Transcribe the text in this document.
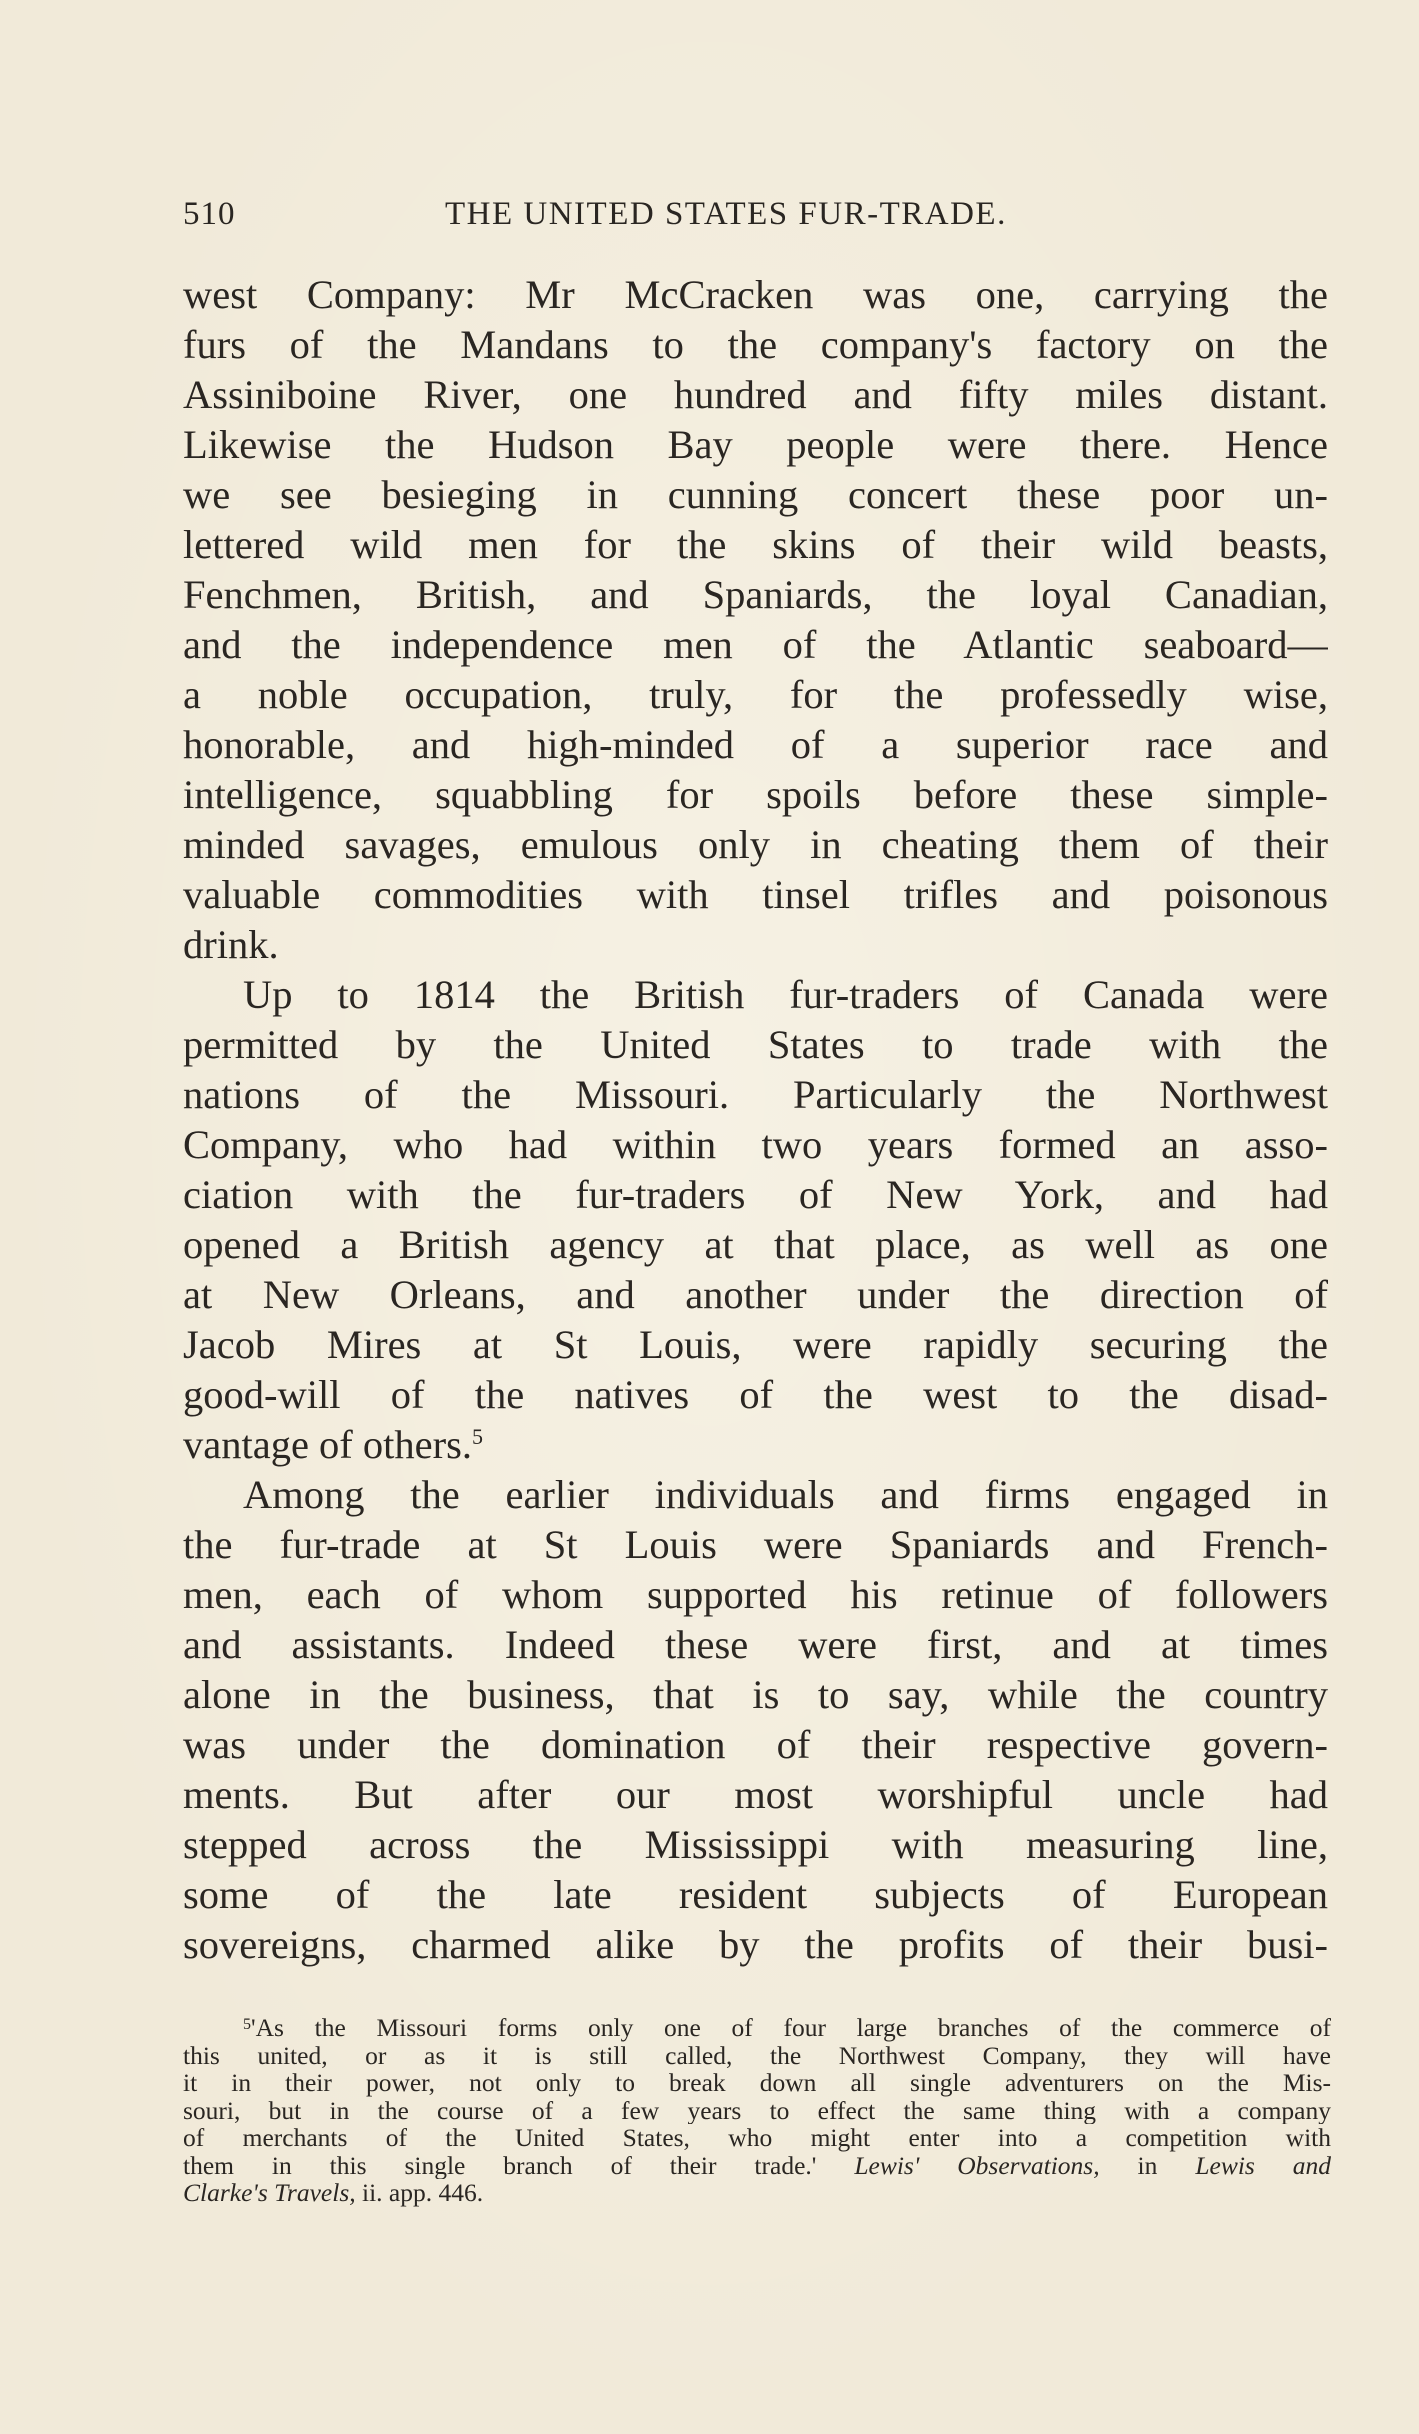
510	THE UNITED STATES FUR-TRADE.
west Company: Mr McCracken was one, carrying the
furs of the Mandans to the company's factory on the
Assiniboine River, one hundred and fifty miles distant.
Likewise the Hudson Bay people were there. Hence
we see besieging in cunning concert these poor un-
lettered wild men for the skins of their wild beasts,
Fenchmen, British, and Spaniards, the loyal Canadian,
and the independence men of the Atlantic seaboard—
a noble occupation, truly, for the professedly wise,
honorable, and high-minded of a superior race and
intelligence, squabbling for spoils before these simple-
minded savages, emulous only in cheating them of their
valuable commodities with tinsel trifles and poisonous
drink.
Up to 1814 the British fur-traders of Canada were
permitted by the United States to trade with the
nations of the Missouri. Particularly the Northwest
Company, who had within two years formed an asso-
ciation with the fur-traders of New York, and had
opened a British agency at that place, as well as one
at New Orleans, and another under the direction of
Jacob Mires at St Louis, were rapidly securing the
good-will of the natives of the west to the disad-
vantage of others.$^5$
Among the earlier individuals and firms engaged in
the fur-trade at St Louis were Spaniards and French-
men, each of whom supported his retinue of followers
and assistants. Indeed these were first, and at times
alone in the business, that is to say, while the country
was under the domination of their respective govern-
ments. But after our most worshipful uncle had
stepped across the Mississippi with measuring line,
some of the late resident subjects of European
sovereigns, charmed alike by the profits of their busi-
$^5$'As the Missouri forms only one of four large branches of the commerce of
this united, or as it is still called, the Northwest Company, they will have
it in their power, not only to break down all single adventurers on the Mis-
souri, but in the course of a few years to effect the same thing with a company
of merchants of the United States, who might enter into a competition with
them in this single branch of their trade.' Lewis' Observations, in Lewis and
Clarke's Travels, ii. app. 446.
